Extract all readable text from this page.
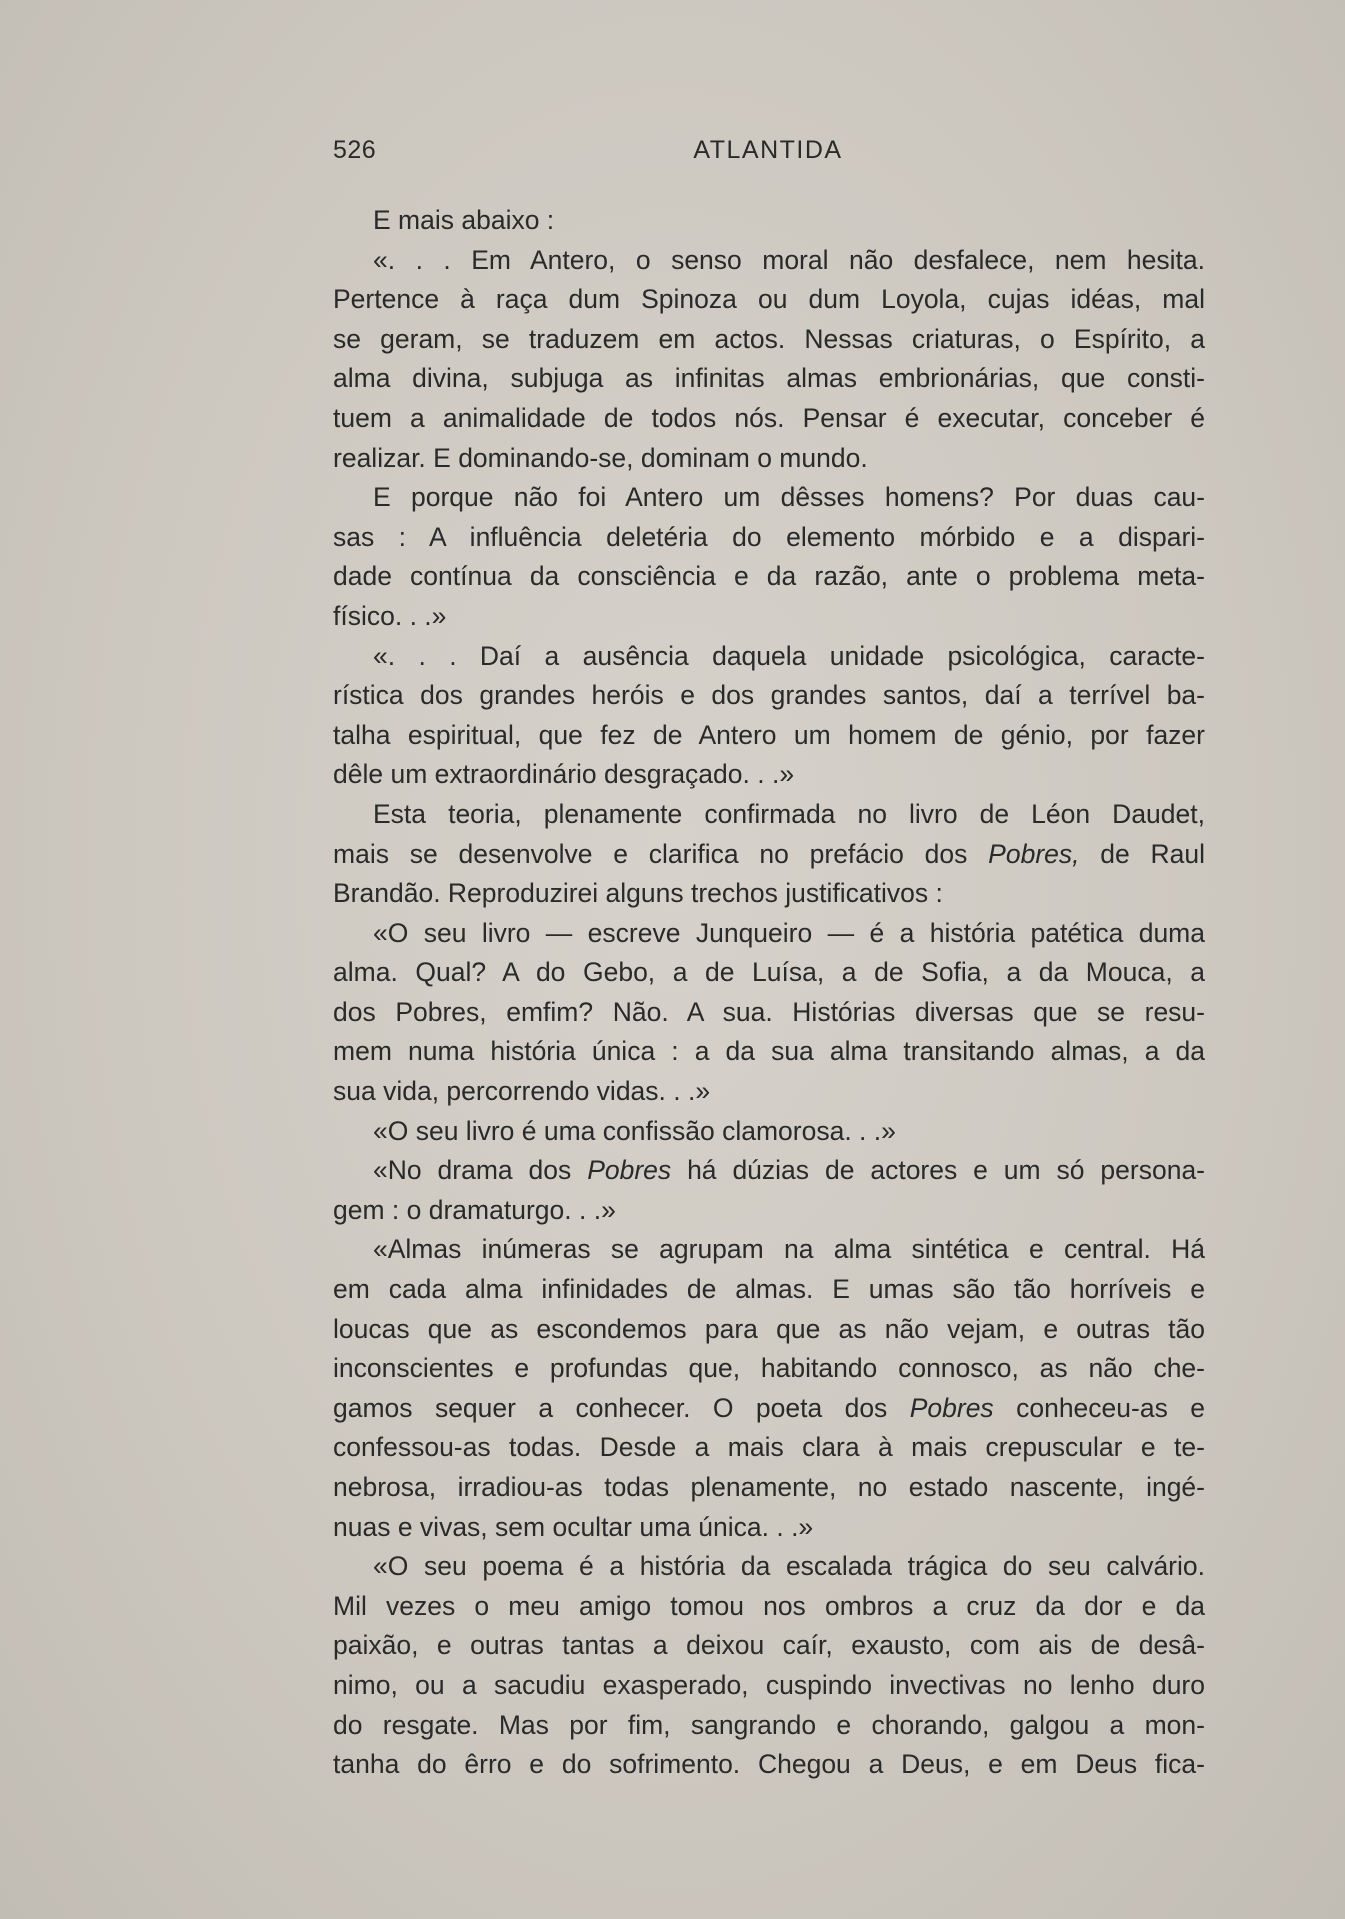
526	ATLANTIDA
E mais abaixo :
«. . . Em Antero, o senso moral não desfalece, nem hesita.
Pertence à raça dum Spinoza ou dum Loyola, cujas idéas, mal
se geram, se traduzem em actos. Nessas criaturas, o Espírito, a
alma divina, subjuga as infinitas almas embrionárias, que consti-
tuem a animalidade de todos nós. Pensar é executar, conceber é
realizar. E dominando-se, dominam o mundo.
E porque não foi Antero um dêsses homens? Por duas cau-
sas : A influência deletéria do elemento mórbido e a dispari-
dade contínua da consciência e da razão, ante o problema meta-
físico. . .»
«. . . Daí a ausência daquela unidade psicológica, caracte-
rística dos grandes heróis e dos grandes santos, daí a terrível ba-
talha espiritual, que fez de Antero um homem de génio, por fazer
dêle um extraordinário desgraçado. . .»
Esta teoria, plenamente confirmada no livro de Léon Daudet,
mais se desenvolve e clarifica no prefácio dos Pobres, de Raul
Brandão. Reproduzirei alguns trechos justificativos :
«O seu livro — escreve Junqueiro — é a história patética duma
alma. Qual? A do Gebo, a de Luísa, a de Sofia, a da Mouca, a
dos Pobres, emfim? Não. A sua. Histórias diversas que se resu-
mem numa história única : a da sua alma transitando almas, a da
sua vida, percorrendo vidas. . .»
«O seu livro é uma confissão clamorosa. . .»
«No drama dos Pobres há dúzias de actores e um só persona-
gem : o dramaturgo. . .»
«Almas inúmeras se agrupam na alma sintética e central. Há
em cada alma infinidades de almas. E umas são tão horríveis e
loucas que as escondemos para que as não vejam, e outras tão
inconscientes e profundas que, habitando connosco, as não che-
gamos sequer a conhecer. O poeta dos Pobres conheceu-as e
confessou-as todas. Desde a mais clara à mais crepuscular e te-
nebrosa, irradiou-as todas plenamente, no estado nascente, ingé-
nuas e vivas, sem ocultar uma única. . .»
«O seu poema é a história da escalada trágica do seu calvário.
Mil vezes o meu amigo tomou nos ombros a cruz da dor e da
paixão, e outras tantas a deixou caír, exausto, com ais de desâ-
nimo, ou a sacudiu exasperado, cuspindo invectivas no lenho duro
do resgate. Mas por fim, sangrando e chorando, galgou a mon-
tanha do êrro e do sofrimento. Chegou a Deus, e em Deus fica-
